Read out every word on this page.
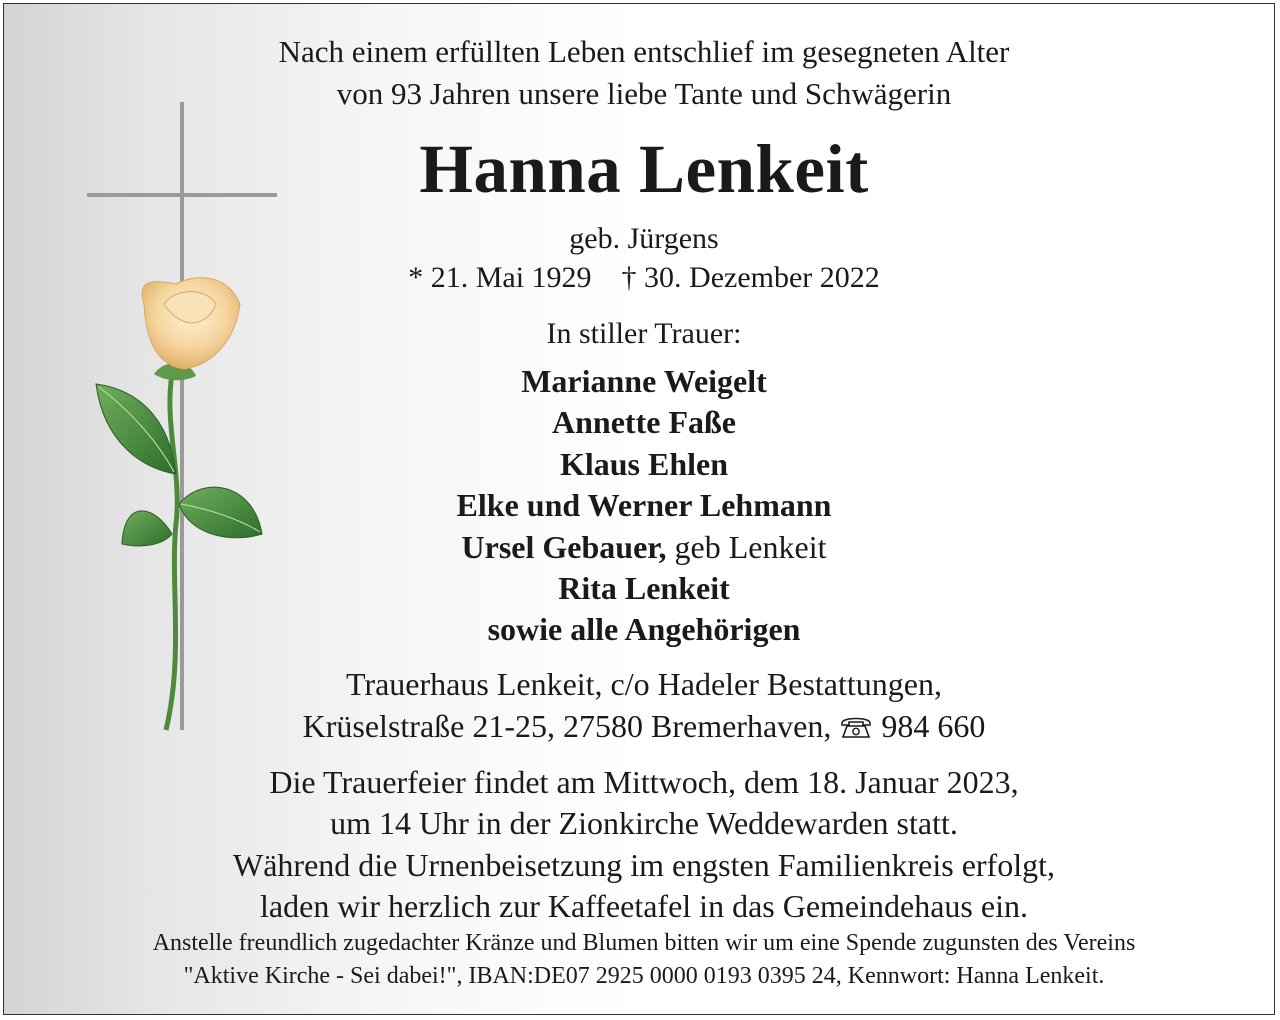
Nach einem erfüllten Leben entschlief im gesegneten Alter
von 93 Jahren unsere liebe Tante und Schwägerin
Hanna Lenkeit
geb. Jürgens
* 21. Mai 1929 † 30. Dezember 2022
In stiller Trauer:
Marianne Weigelt
Annette Faße
Klaus Ehlen
Elke und Werner Lehmann
Ursel Gebauer, geb Lenkeit
Rita Lenkeit
sowie alle Angehörigen
Trauerhaus Lenkeit, c/o Hadeler Bestattungen,
Krüselstraße 21-25, 27580 Bremerhaven, 984 660
Die Trauerfeier findet am Mittwoch, dem 18. Januar 2023,
um 14 Uhr in der Zionkirche Weddewarden statt.
Während die Urnenbeisetzung im engsten Familienkreis erfolgt,
laden wir herzlich zur Kaffeetafel in das Gemeindehaus ein.
Anstelle freundlich zugedachter Kränze und Blumen bitten wir um eine Spende zugunsten des Vereins
"Aktive Kirche - Sei dabei!", IBAN:DE07 2925 0000 0193 0395 24, Kennwort: Hanna Lenkeit.
